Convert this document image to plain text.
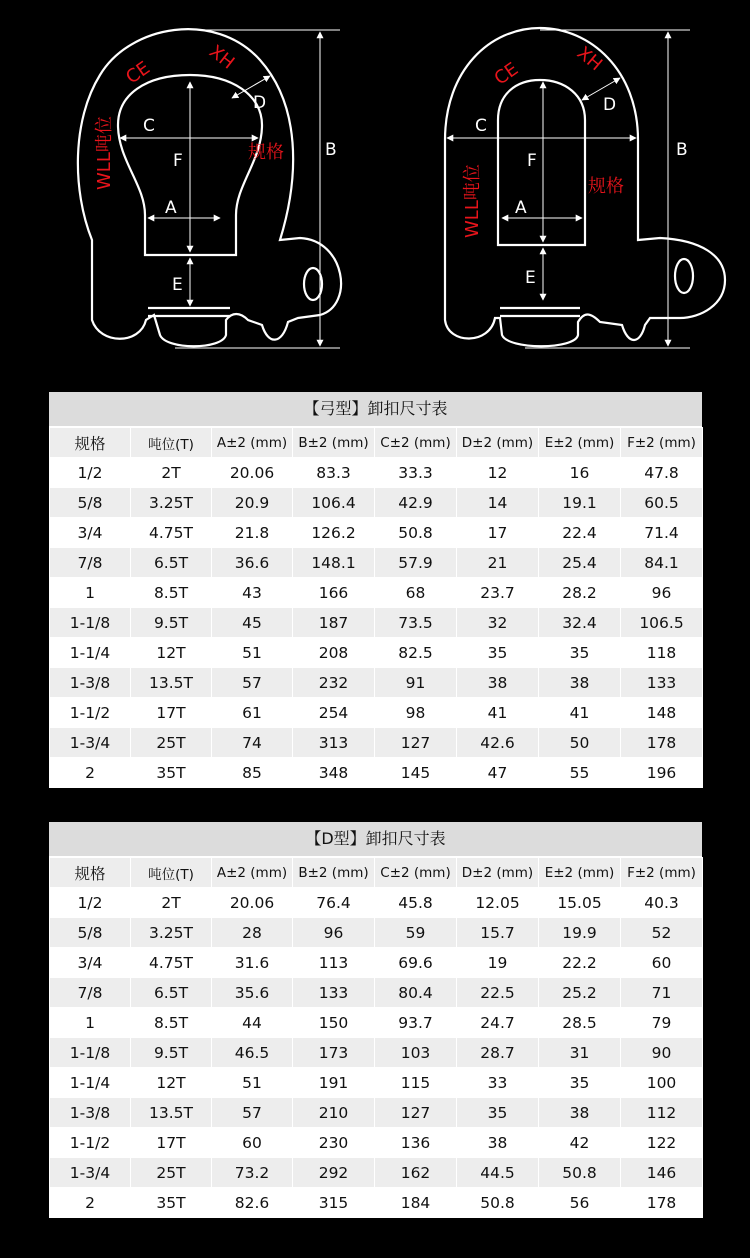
C
F
A
E
D
B
CE	XH
规格
WLL吨位	C
F
A
E
D
B
CE	XH
规格
WLL吨位
【弓型】卸扣尺寸表
规格	吨位(T)	A±2 (mm)	B±2 (mm)	C±2 (mm)	D±2 (mm)	E±2 (mm)	F±2 (mm)
1/2	2T	20.06	83.3	33.3	12	16	47.8
5/8	3.25T	20.9	106.4	42.9	14	19.1	60.5
3/4	4.75T	21.8	126.2	50.8	17	22.4	71.4
7/8	6.5T	36.6	148.1	57.9	21	25.4	84.1
1	8.5T	43	166	68	23.7	28.2	96
1-1/8	9.5T	45	187	73.5	32	32.4	106.5
1-1/4	12T	51	208	82.5	35	35	118
1-3/8	13.5T	57	232	91	38	38	133
1-1/2	17T	61	254	98	41	41	148
1-3/4	25T	74	313	127	42.6	50	178
2	35T	85	348	145	47	55	196
【D型】卸扣尺寸表
规格	吨位(T)	A±2 (mm)	B±2 (mm)	C±2 (mm)	D±2 (mm)	E±2 (mm)	F±2 (mm)
1/2	2T	20.06	76.4	45.8	12.05	15.05	40.3
5/8	3.25T	28	96	59	15.7	19.9	52
3/4	4.75T	31.6	113	69.6	19	22.2	60
7/8	6.5T	35.6	133	80.4	22.5	25.2	71
1	8.5T	44	150	93.7	24.7	28.5	79
1-1/8	9.5T	46.5	173	103	28.7	31	90
1-1/4	12T	51	191	115	33	35	100
1-3/8	13.5T	57	210	127	35	38	112
1-1/2	17T	60	230	136	38	42	122
1-3/4	25T	73.2	292	162	44.5	50.8	146
2	35T	82.6	315	184	50.8	56	178
